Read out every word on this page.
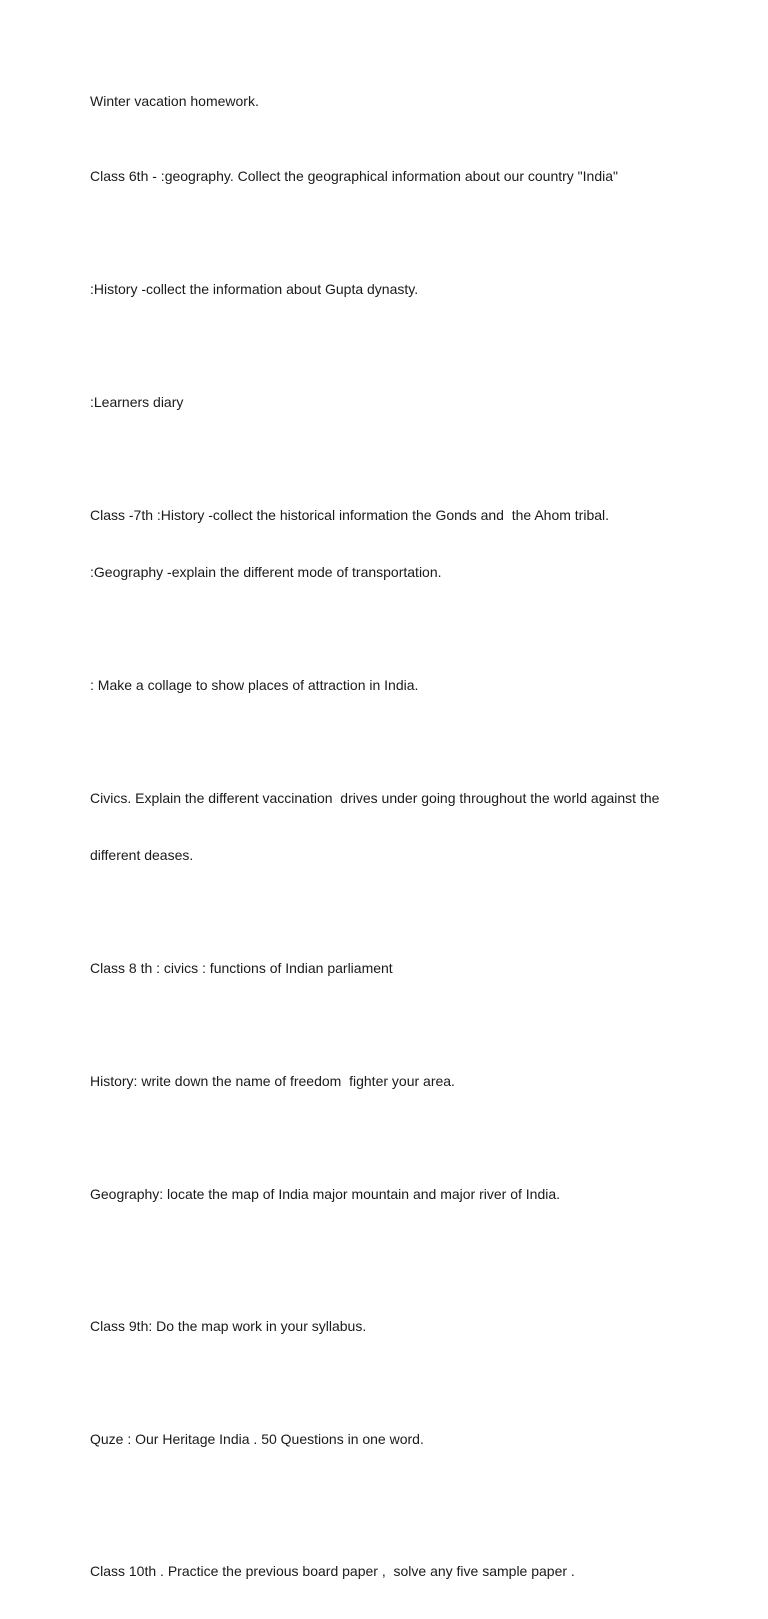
Winter vacation homework.

Class 6th - :geography. Collect the geographical information about our country "India"

:History -collect the information about Gupta dynasty.

:Learners diary

Class -7th :History -collect the historical information the Gonds and  the Ahom tribal.

:Geography -explain the different mode of transportation.

: Make a collage to show places of attraction in India.

Civics. Explain the different vaccination  drives under going throughout the world against the

different deases.

Class 8 th : civics : functions of Indian parliament

History: write down the name of freedom  fighter your area.

Geography: locate the map of India major mountain and major river of India.

Class 9th: Do the map work in your syllabus.

Quze : Our Heritage India . 50 Questions in one word.

Class 10th . Practice the previous board paper ,  solve any five sample paper .
